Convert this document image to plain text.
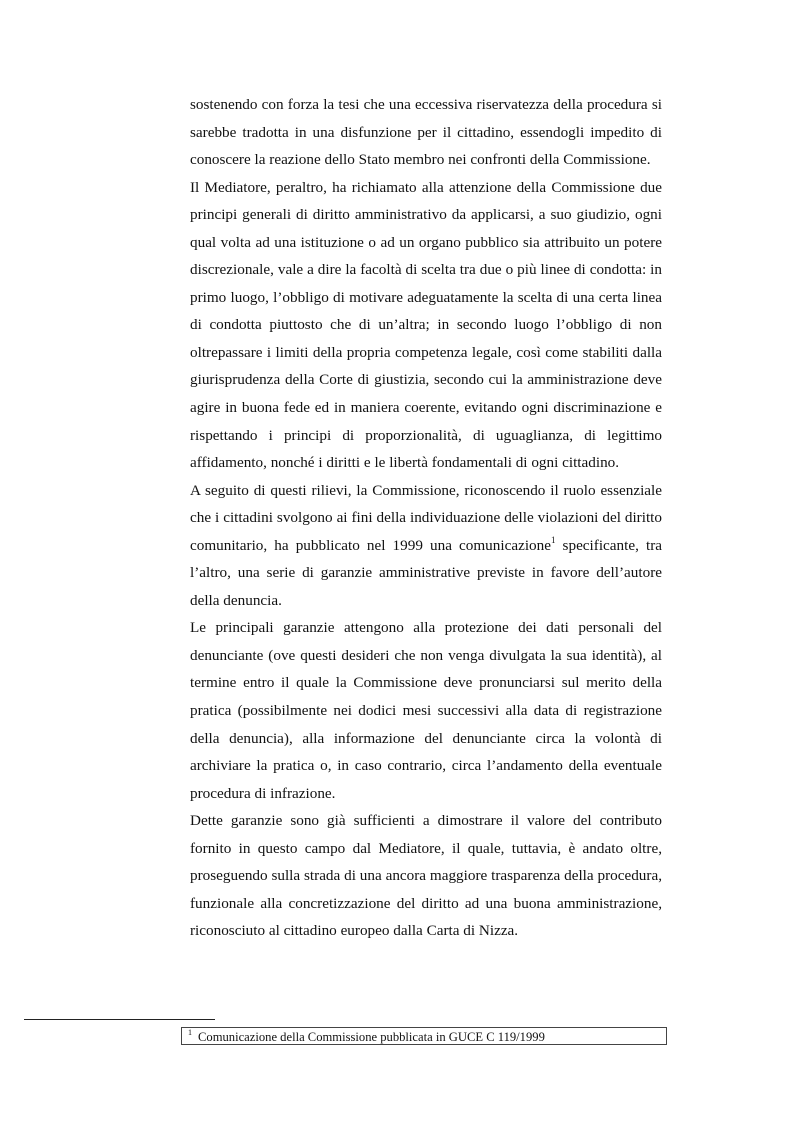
sostenendo con forza la tesi che una eccessiva riservatezza della procedura si sarebbe tradotta in una disfunzione per il cittadino, essendogli impedito di conoscere la reazione dello Stato membro nei confronti della Commissione.

Il Mediatore, peraltro, ha richiamato alla attenzione della Commissione due principi generali di diritto amministrativo da applicarsi, a suo giudizio, ogni qual volta ad una istituzione o ad un organo pubblico sia attribuito un potere discrezionale, vale a dire la facoltà di scelta tra due o più linee di condotta: in primo luogo, l’obbligo di motivare adeguatamente la scelta di una certa linea di condotta piuttosto che di un’altra; in secondo luogo l’obbligo di non oltrepassare i limiti della propria competenza legale, così come stabiliti dalla giurisprudenza della Corte di giustizia, secondo cui la amministrazione deve agire in buona fede ed in maniera coerente, evitando ogni discriminazione e rispettando i principi di proporzionalità, di uguaglianza, di legittimo affidamento, nonché i diritti e le libertà fondamentali di ogni cittadino.

A seguito di questi rilievi, la Commissione, riconoscendo il ruolo essenziale che i cittadini svolgono ai fini della individuazione delle violazioni del diritto comunitario, ha pubblicato nel 1999 una comunicazione$^1$ specificante, tra l’altro, una serie di garanzie amministrative previste in favore dell’autore della denuncia.

Le principali garanzie attengono alla protezione dei dati personali del denunciante (ove questi desideri che non venga divulgata la sua identità), al termine entro il quale la Commissione deve pronunciarsi sul merito della pratica (possibilmente nei dodici mesi successivi alla data di registrazione della denuncia), alla informazione del denunciante circa la volontà di archiviare la pratica o, in caso contrario, circa l’andamento della eventuale procedura di infrazione.

Dette garanzie sono già sufficienti a dimostrare il valore del contributo fornito in questo campo dal Mediatore, il quale, tuttavia, è andato oltre, proseguendo sulla strada di una ancora maggiore trasparenza della procedura, funzionale alla concretizzazione del diritto ad una buona amministrazione, riconosciuto al cittadino europeo dalla Carta di Nizza.

$^1$ Comunicazione della Commissione pubblicata in GUCE C 119/1999
